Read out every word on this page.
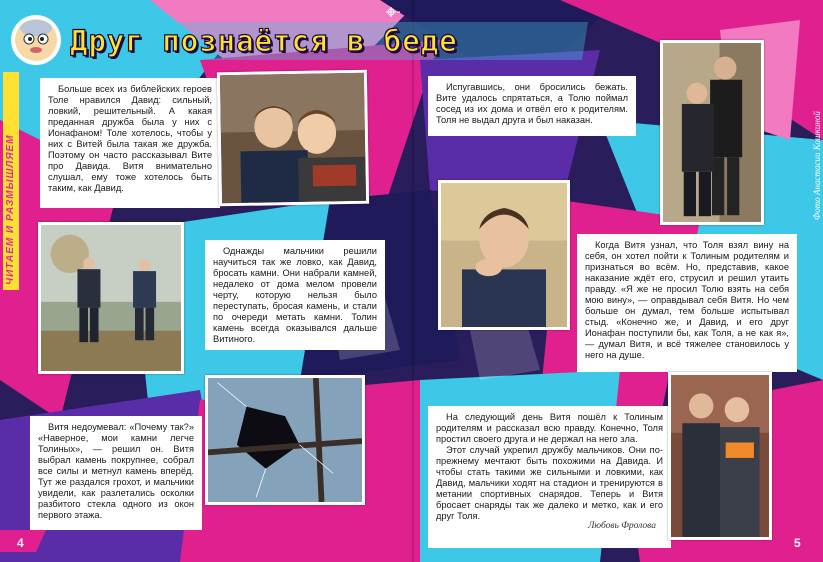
Друг познаётся в беде
ЧИТАЕМ И РАЗМЫШЛЯЕМ	Фото Анастасии Кошкиной

Больше всех из библейских героев Толе нравился Давид: сильный, ловкий, решительный. А какая преданная дружба была у них с Ионафаном! Толе хотелось, чтобы у них с Витей была такая же дружба. Поэтому он часто рассказывал Вите про Давида. Витя внимательно слушал, ему тоже хотелось быть таким, как Давид.

Однажды мальчики решили научиться так же ловко, как Давид, бросать камни. Они набрали камней, недалеко от дома мелом провели черту, которую нельзя было переступать, бросая камень, и стали по очереди метать камни. Толин камень всегда оказывался дальше Витиного.

Витя недоумевал: «Почему так?» «Наверное, мои камни легче Толиных», — решил он. Витя выбрал камень покрупнее, собрал все силы и метнул камень вперёд. Тут же раздался грохот, и мальчики увидели, как разлетались осколки разбитого стекла одного из окон первого этажа.

Испугавшись, они бросились бежать. Вите удалось спрятаться, а Толю поймал сосед из их дома и отвёл его к родителям. Толя не выдал друга и был наказан.

Когда Витя узнал, что Толя взял вину на себя, он хотел пойти к Толиным родителям и признаться во всём. Но, представив, какое наказание ждёт его, струсил и решил утаить правду. «Я же не просил Толю взять на себя мою вину», — оправдывал себя Витя. Но чем больше он думал, тем больше испытывал стыд. «Конечно же, и Давид, и его друг Ионафан поступили бы, как Толя, а не как я», — думал Витя, и всё тяжелее становилось у него на душе.

На следующий день Витя пошёл к Толиным родителям и рассказал всю правду. Конечно, Толя простил своего друга и не держал на него зла.

Этот случай укрепил дружбу мальчиков. Они по-прежнему мечтают быть похожими на Давида. И чтобы стать такими же сильными и ловкими, как Давид, мальчики ходят на стадион и тренируются в метании спортивных снарядов. Теперь и Витя бросает снаряды так же далеко и метко, как и его друг Толя.

Любовь Фролова
4	5
